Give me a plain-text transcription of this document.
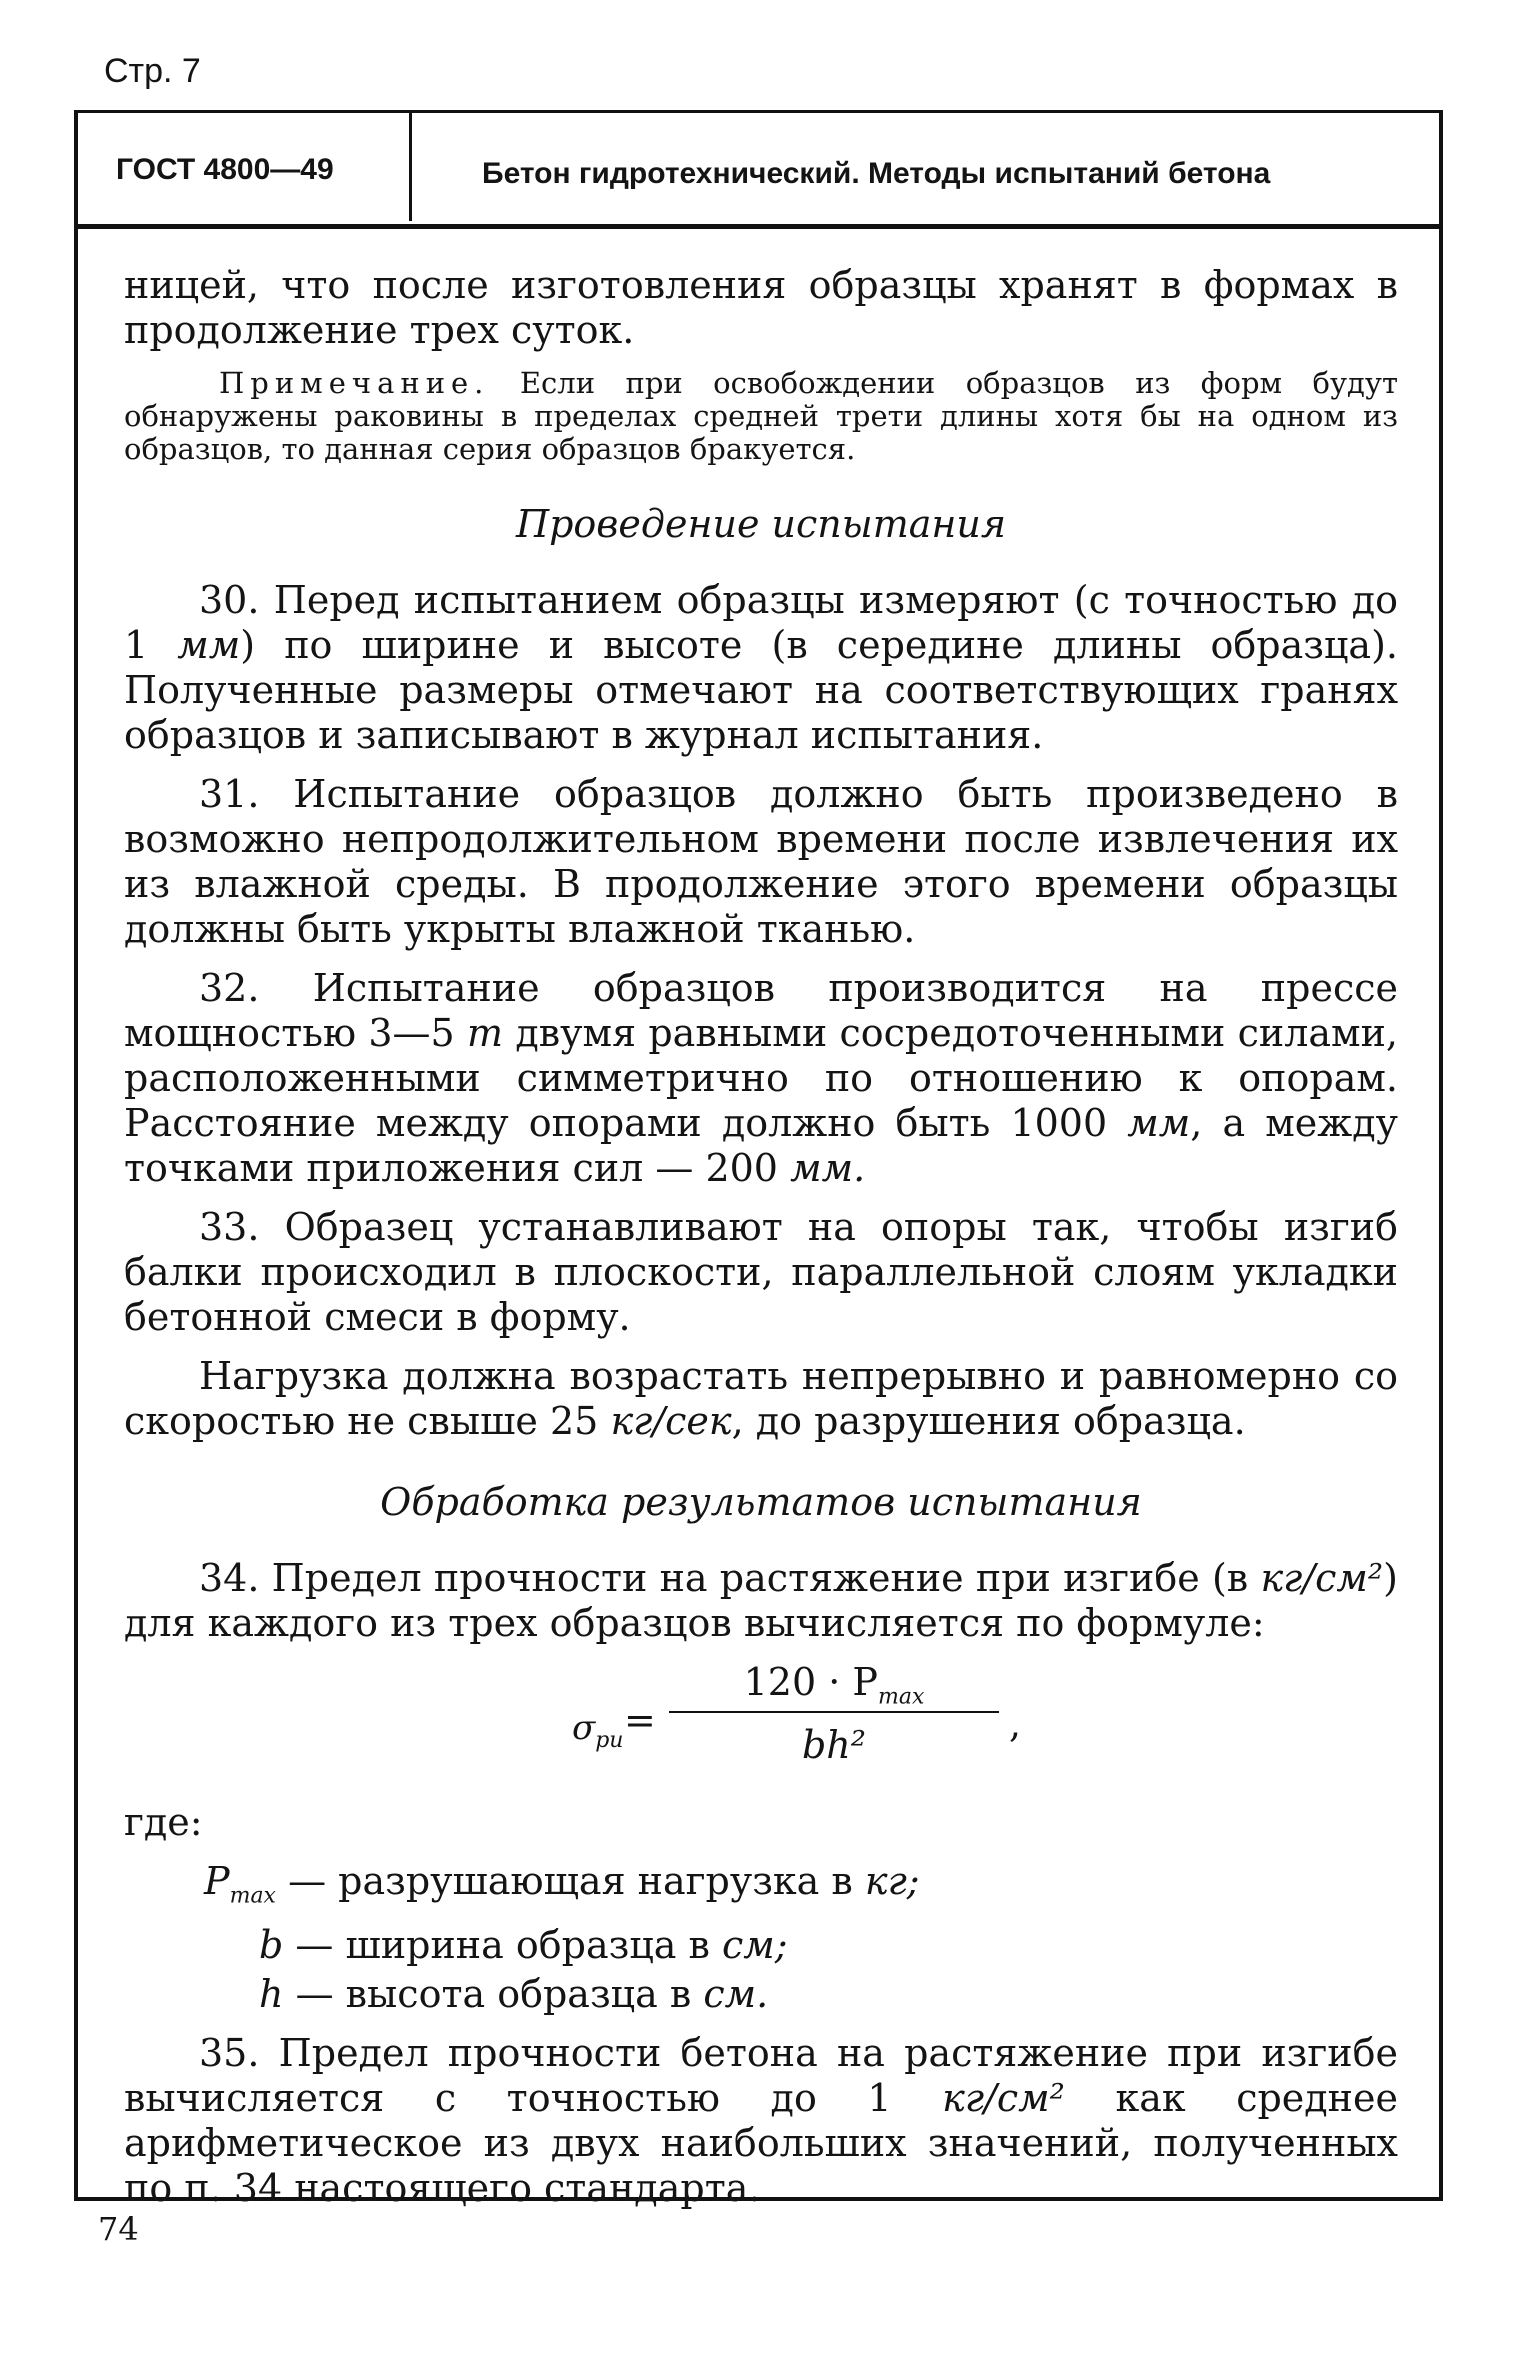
Стр. 7
ГОСТ 4800—49	Бетон гидротехнический. Методы испытаний бетона

ницей, что после изготовления образцы хранят в формах в продолжение трех суток.

Примечание. Если при освобождении образцов из форм будут обнаружены раковины в пределах средней трети длины хотя бы на одном из образцов, то данная серия образцов бракуется.

Проведение испытания

30. Перед испытанием образцы измеряют (с точностью до 1 мм) по ширине и высоте (в середине длины образца). Полученные размеры отмечают на соответствующих гранях образцов и записывают в журнал испытания.

31. Испытание образцов должно быть произведено в возможно непродолжительном времени после извлечения их из влажной среды. В продолжение этого времени образцы должны быть укрыты влажной тканью.

32. Испытание образцов производится на прессе мощностью 3—5 т двумя равными сосредоточенными силами, расположенными симметрично по отношению к опорам. Расстояние между опорами должно быть 1000 мм, а между точками приложения сил — 200 мм.

33. Образец устанавливают на опоры так, чтобы изгиб балки происходил в плоскости, параллельной слоям укладки бетонной смеси в форму.

Нагрузка должна возрастать непрерывно и равномерно со скоростью не свыше 25 кг/сек, до разрушения образца.

Обработка результатов испытания

34. Предел прочности на растяжение при изгибе (в кг/см²) для каждого из трех образцов вычисляется по формуле:

$\sigma_{pu}$ =
$120 \cdot P_{max}$
bh²	,

где:

$P_{max}$ — разрушающая нагрузка в кг;

b — ширина образца в см;

h — высота образца в см.

35. Предел прочности бетона на растяжение при изгибе вычисляется с точностью до 1 кг/см² как среднее арифметическое из двух наибольших значений, полученных по п. 34 настоящего стандарта.

74
